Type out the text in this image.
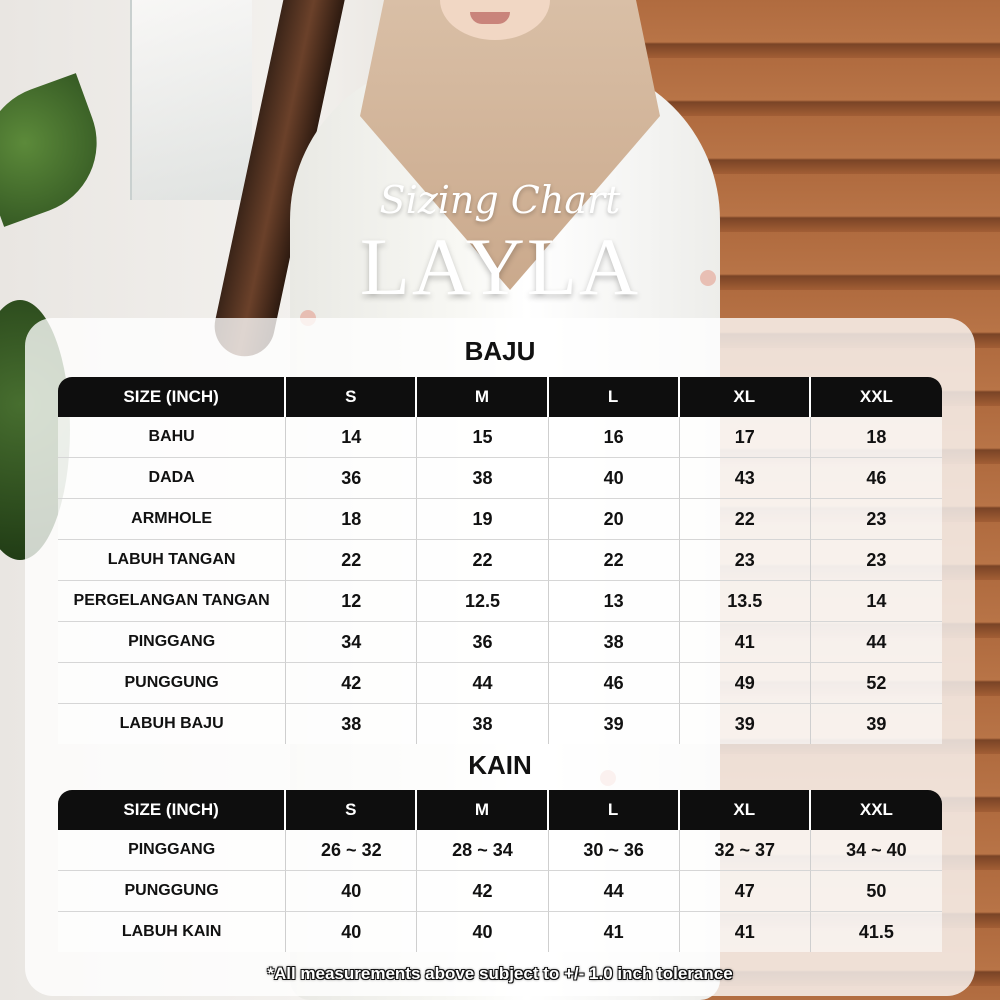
Sizing Chart
LAYLA
BAJU
SIZE (INCH)	S	M	L	XL	XXL
BAHU	14	15	16	17	18
DADA	36	38	40	43	46
ARMHOLE	18	19	20	22	23
LABUH TANGAN	22	22	22	23	23
PERGELANGAN TANGAN	12	12.5	13	13.5	14
PINGGANG	34	36	38	41	44
PUNGGUNG	42	44	46	49	52
LABUH BAJU	38	38	39	39	39
KAIN
SIZE (INCH)	S	M	L	XL	XXL
PINGGANG	26 ~ 32	28 ~ 34	30 ~ 36	32 ~ 37	34 ~ 40
PUNGGUNG	40	42	44	47	50
LABUH KAIN	40	40	41	41	41.5
*All measurements above subject to +/- 1.0 inch tolerance
